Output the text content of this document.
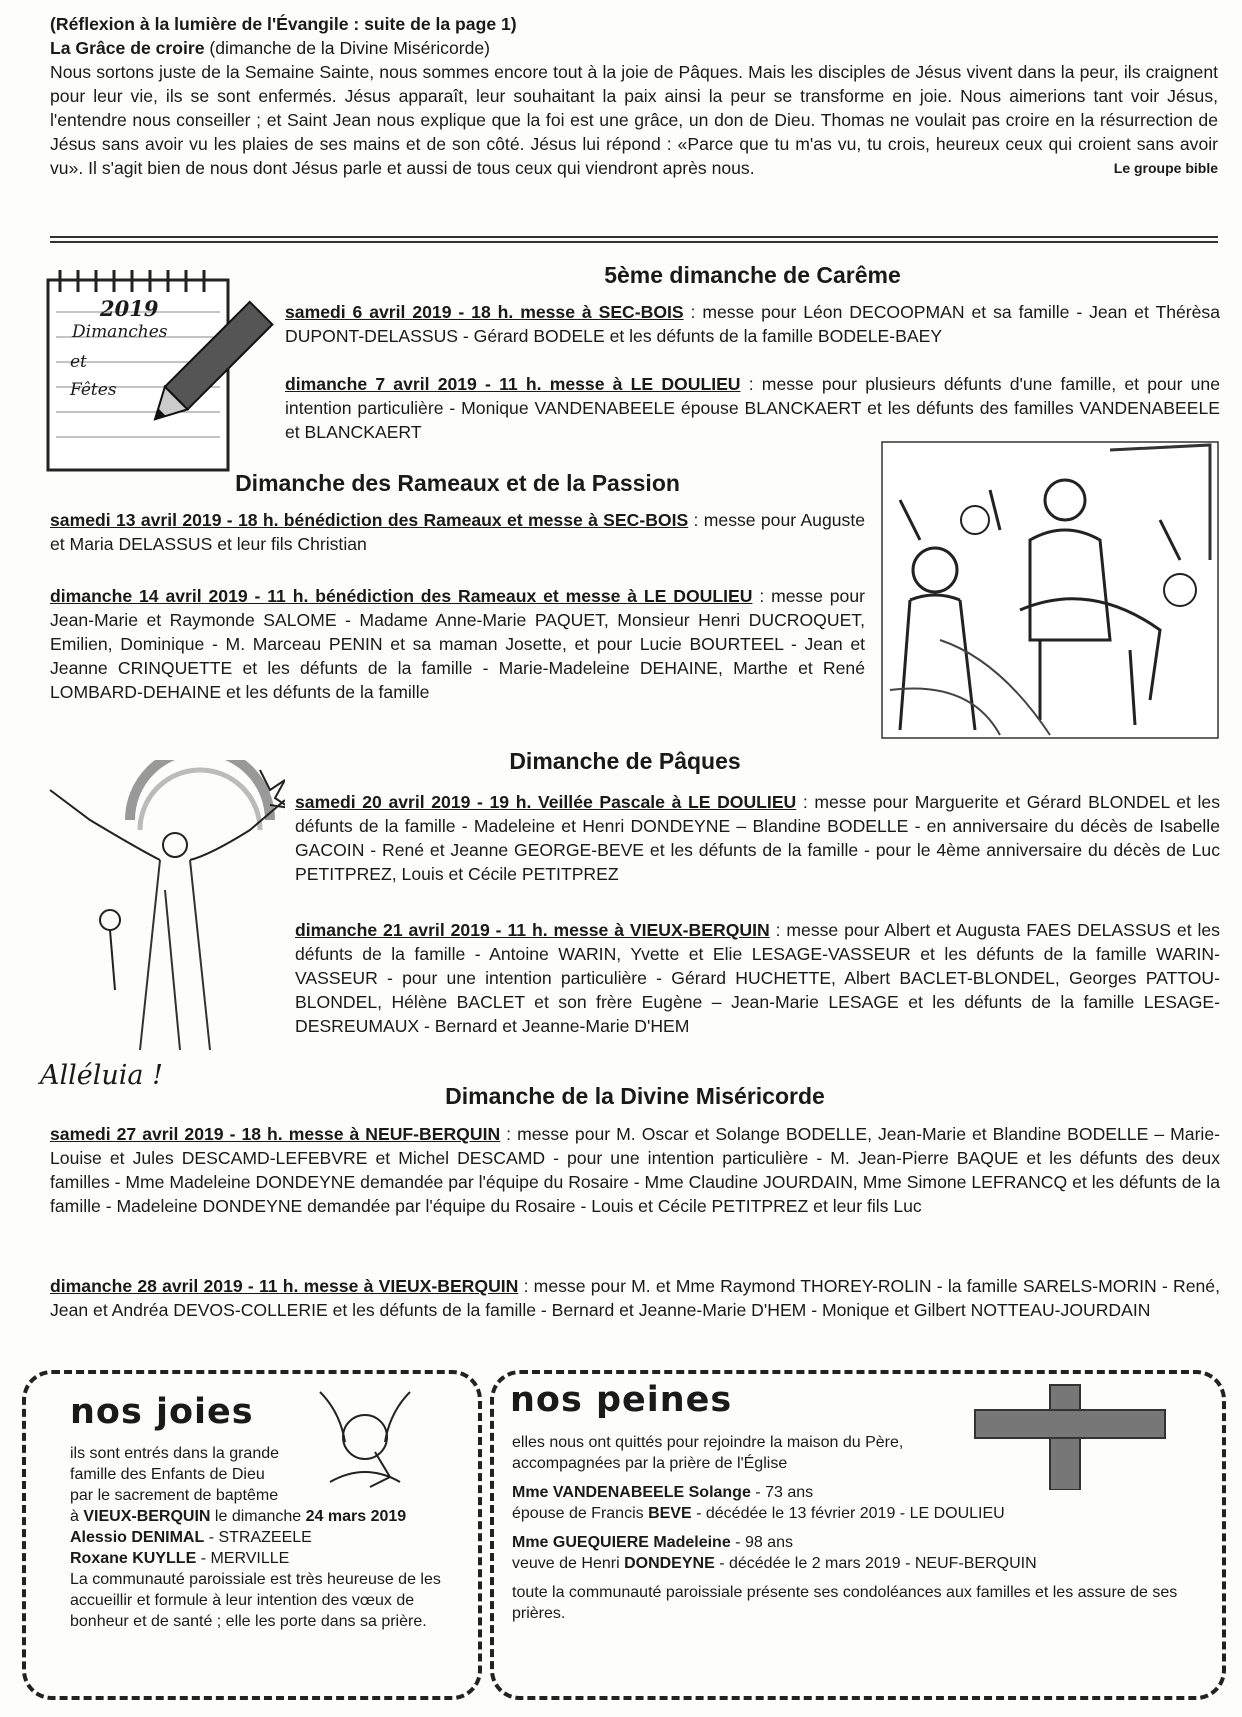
(Réflexion à la lumière de l'Évangile : suite de la page 1)
La Grâce de croire (dimanche de la Divine Miséricorde)

Nous sortons juste de la Semaine Sainte, nous sommes encore tout à la joie de Pâques. Mais les disciples de Jésus vivent dans la peur, ils craignent pour leur vie, ils se sont enfermés. Jésus apparaît, leur souhaitant la paix ainsi la peur se transforme en joie. Nous aimerions tant voir Jésus, l'entendre nous conseiller ; et Saint Jean nous explique que la foi est une grâce, un don de Dieu. Thomas ne voulait pas croire en la résurrection de Jésus sans avoir vu les plaies de ses mains et de son côté. Jésus lui répond : «Parce que tu m'as vu, tu crois, heureux ceux qui croient sans avoir vu». Il s'agit bien de nous dont Jésus parle et aussi de tous ceux qui viendront après nous.	Le groupe bible
2019
Dimanches
et
Fêtes
5ème dimanche de Carême

samedi 6 avril 2019 - 18 h. messe à SEC-BOIS : messe pour Léon DECOOPMAN et sa famille - Jean et Thérèsa DUPONT-DELASSUS - Gérard BODELE et les défunts de la famille BODELE-BAEY

dimanche 7 avril 2019 - 11 h. messe à LE DOULIEU : messe pour plusieurs défunts d'une famille, et pour une intention particulière - Monique VANDENABEELE épouse BLANCKAERT et les défunts des familles VANDENABEELE et BLANCKAERT

Dimanche des Rameaux et de la Passion

samedi 13 avril 2019 - 18 h. bénédiction des Rameaux et messe à SEC-BOIS : messe pour Auguste et Maria DELASSUS et leur fils Christian

dimanche 14 avril 2019 - 11 h. bénédiction des Rameaux et messe à LE DOULIEU : messe pour Jean-Marie et Raymonde SALOME - Madame Anne-Marie PAQUET, Monsieur Henri DUCROQUET, Emilien, Dominique - M. Marceau PENIN et sa maman Josette, et pour Lucie BOURTEEL - Jean et Jeanne CRINQUETTE et les défunts de la famille - Marie-Madeleine DEHAINE, Marthe et René LOMBARD-DEHAINE et les défunts de la famille

Dimanche de Pâques

samedi 20 avril 2019 - 19 h. Veillée Pascale à LE DOULIEU : messe pour Marguerite et Gérard BLONDEL et les défunts de la famille - Madeleine et Henri DONDEYNE – Blandine BODELLE - en anniversaire du décès de Isabelle GACOIN - René et Jeanne GEORGE-BEVE et les défunts de la famille - pour le 4ème anniversaire du décès de Luc PETITPREZ, Louis et Cécile PETITPREZ

dimanche 21 avril 2019 - 11 h. messe à VIEUX-BERQUIN : messe pour Albert et Augusta FAES DELASSUS et les défunts de la famille - Antoine WARIN, Yvette et Elie LESAGE-VASSEUR et les défunts de la famille WARIN-VASSEUR - pour une intention particulière - Gérard HUCHETTE, Albert BACLET-BLONDEL, Georges PATTOU-BLONDEL, Hélène BACLET et son frère Eugène – Jean-Marie LESAGE et les défunts de la famille LESAGE-DESREUMAUX - Bernard et Jeanne-Marie D'HEM

Alléluia !
Dimanche de la Divine Miséricorde

samedi 27 avril 2019 - 18 h. messe à NEUF-BERQUIN : messe pour M. Oscar et Solange BODELLE, Jean-Marie et Blandine BODELLE – Marie-Louise et Jules DESCAMD-LEFEBVRE et Michel DESCAMD - pour une intention particulière - M. Jean-Pierre BAQUE et les défunts des deux familles - Mme Madeleine DONDEYNE demandée par l'équipe du Rosaire - Mme Claudine JOURDAIN, Mme Simone LEFRANCQ et les défunts de la famille - Madeleine DONDEYNE demandée par l'équipe du Rosaire - Louis et Cécile PETITPREZ et leur fils Luc

dimanche 28 avril 2019 - 11 h. messe à VIEUX-BERQUIN : messe pour M. et Mme Raymond THOREY-ROLIN - la famille SARELS-MORIN - René, Jean et Andréa DEVOS-COLLERIE et les défunts de la famille - Bernard et Jeanne-Marie D'HEM - Monique et Gilbert NOTTEAU-JOURDAIN

nos joies
ils sont entrés dans la grande
famille des Enfants de Dieu
par le sacrement de baptême
à VIEUX-BERQUIN le dimanche 24 mars 2019
Alessio DENIMAL - STRAZEELE
Roxane KUYLLE - MERVILLE
La communauté paroissiale est très heureuse de les accueillir et formule à leur intention des vœux de bonheur et de santé ; elle les porte dans sa prière.
nos peines
elles nous ont quittés pour rejoindre la maison du Père,
accompagnées par la prière de l'Église
Mme VANDENABEELE Solange - 73 ans
épouse de Francis BEVE - décédée le 13 février 2019 - LE DOULIEU
Mme GUEQUIERE Madeleine - 98 ans
veuve de Henri DONDEYNE - décédée le 2 mars 2019 - NEUF-BERQUIN
toute la communauté paroissiale présente ses condoléances aux familles et les assure de ses prières.
